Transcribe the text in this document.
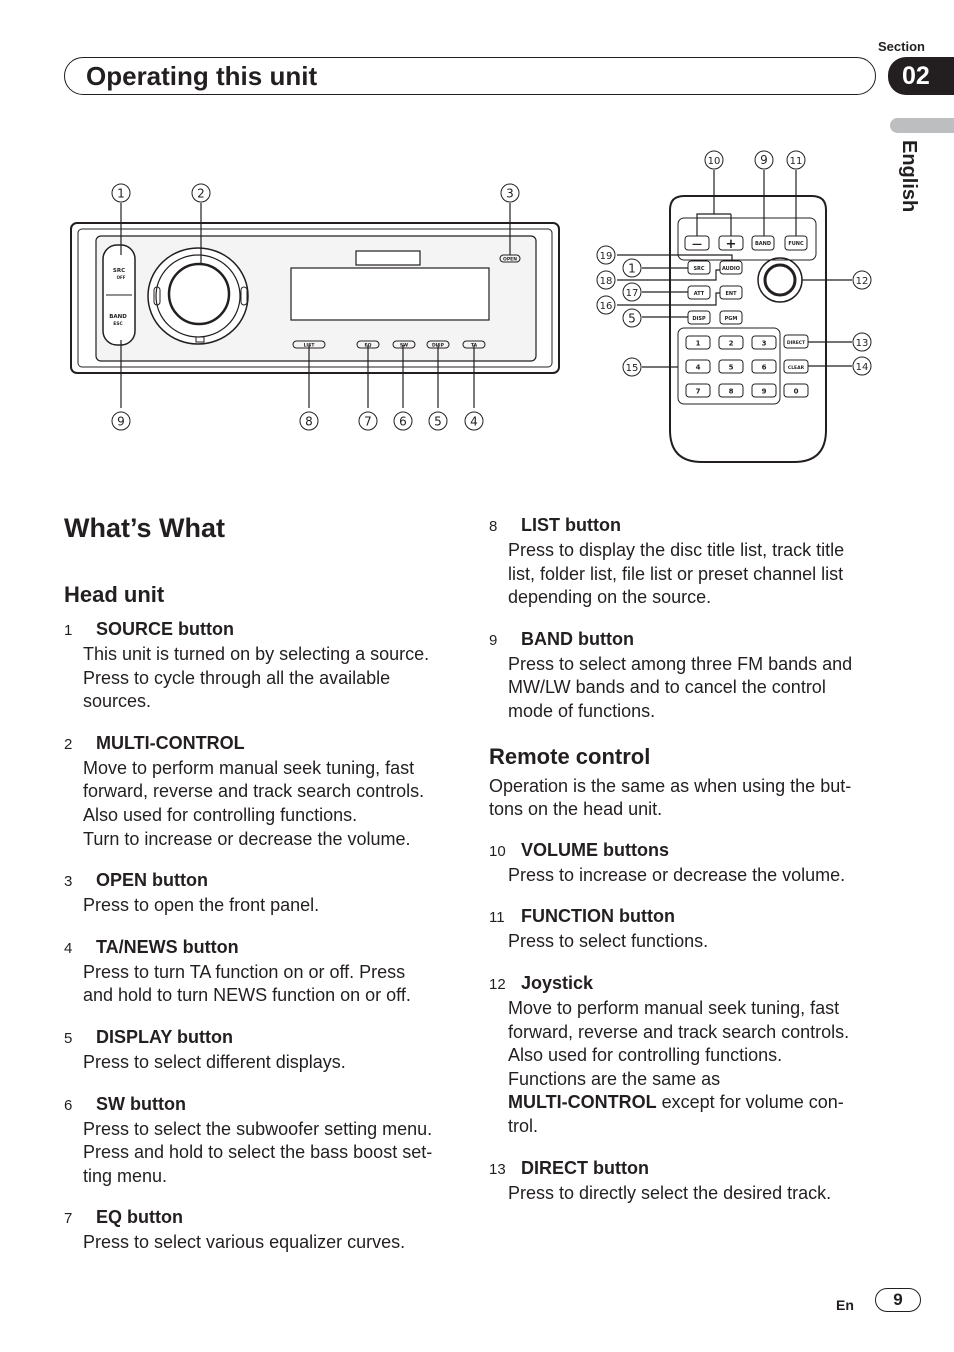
Section
02
Operating this unit
English
SRC
OFF
BAND
ESC
OPEN
LIST	EQ	SW	DISP	TA
— +	BAND	FUNC
SRC	AUDIO
ATT	ENT
DISP	PGM
DIRECT
CLEAR
1	2	3
4	5	6
7	8	9	0
1	2	3
9	8	7 6 5 4
10	9 11
19
1
18
17
16
5
15
12
13
14
What’s What
Head unit
1 SOURCE button
This unit is turned on by selecting a source.
Press to cycle through all the available
sources.
2 MULTI-CONTROL
Move to perform manual seek tuning, fast
forward, reverse and track search controls.
Also used for controlling functions.
Turn to increase or decrease the volume.
3 OPEN button
Press to open the front panel.
4 TA/NEWS button
Press to turn TA function on or off. Press
and hold to turn NEWS function on or off.
5 DISPLAY button
Press to select different displays.
6 SW button
Press to select the subwoofer setting menu.
Press and hold to select the bass boost set-
ting menu.
7 EQ button
Press to select various equalizer curves.
8 LIST button
Press to display the disc title list, track title
list, folder list, file list or preset channel list
depending on the source.
9 BAND button
Press to select among three FM bands and
MW/LW bands and to cancel the control
mode of functions.
Remote control
Operation is the same as when using the but-
tons on the head unit.
10 VOLUME buttons
Press to increase or decrease the volume.
11 FUNCTION button
Press to select functions.
12 Joystick
Move to perform manual seek tuning, fast
forward, reverse and track search controls.
Also used for controlling functions.
Functions are the same as
MULTI-CONTROL except for volume con-
trol.
13 DIRECT button
Press to directly select the desired track.
En	9
